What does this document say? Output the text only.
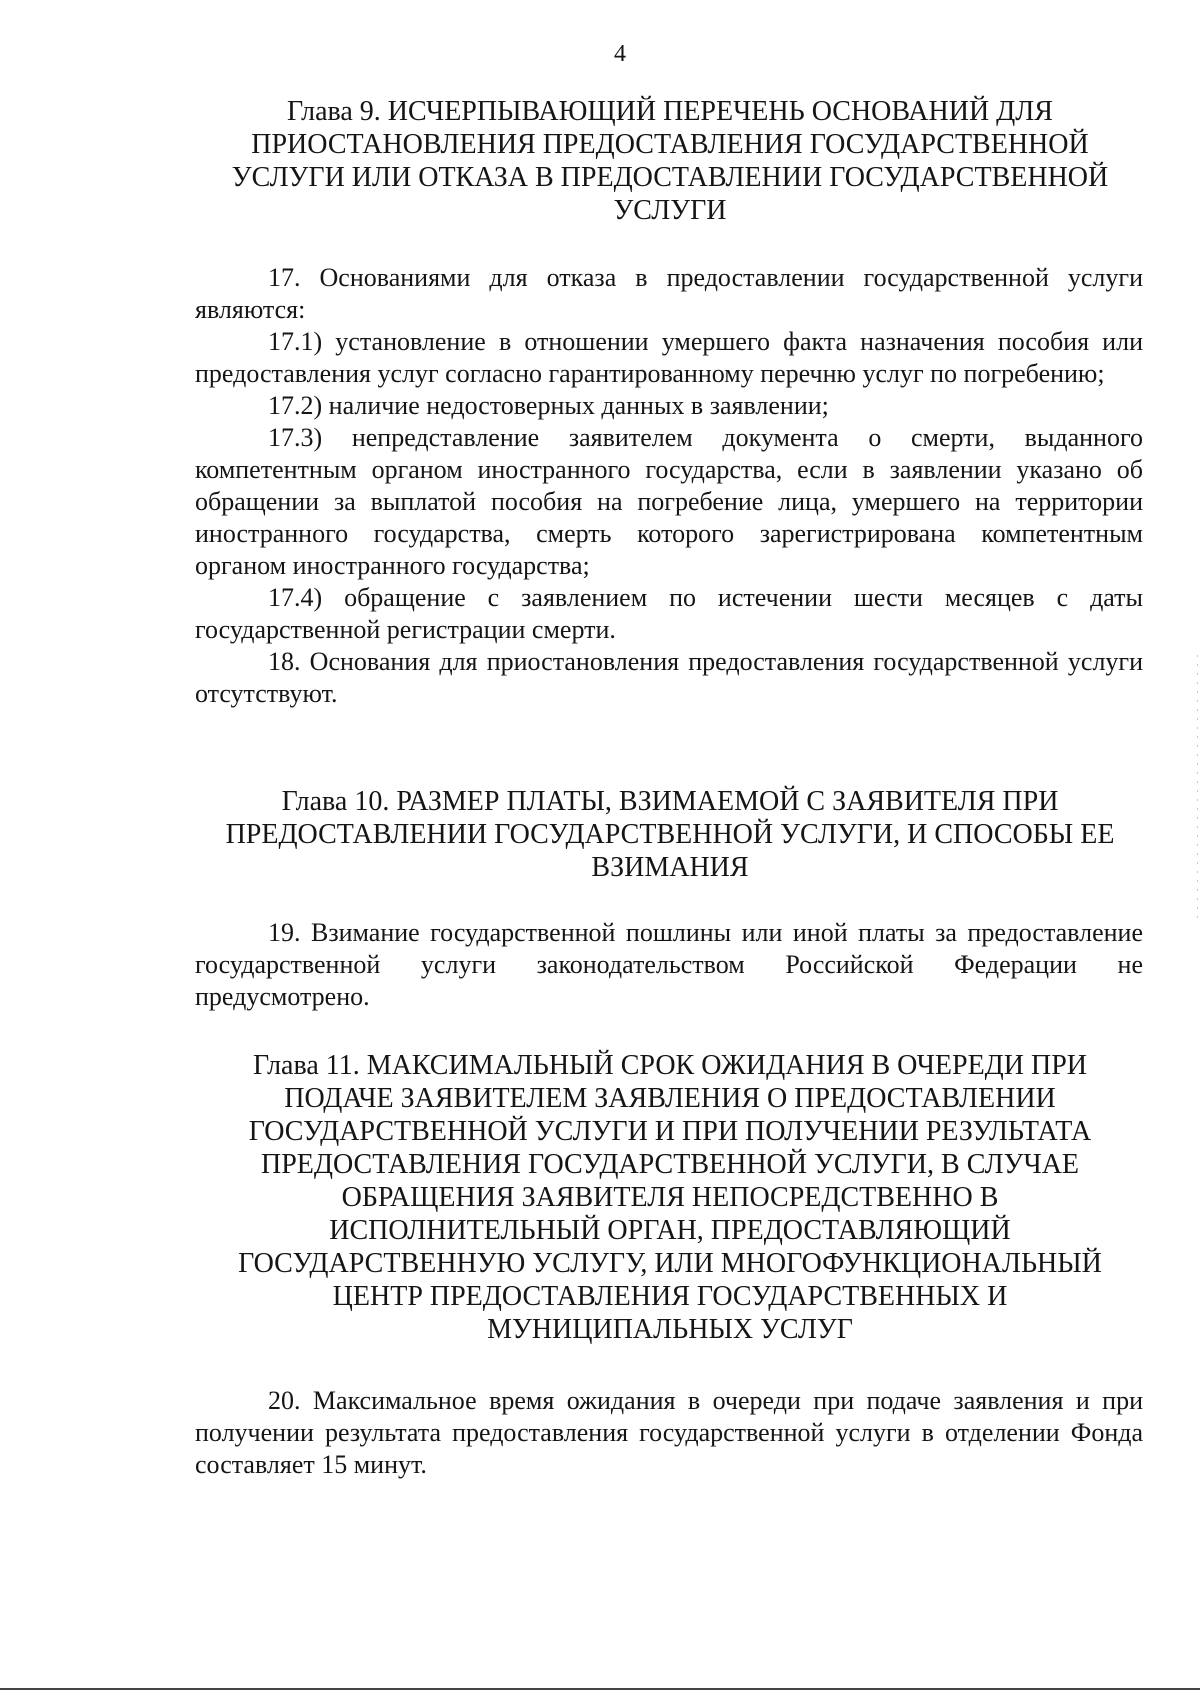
4
Глава 9. ИСЧЕРПЫВАЮЩИЙ ПЕРЕЧЕНЬ ОСНОВАНИЙ ДЛЯ
ПРИОСТАНОВЛЕНИЯ ПРЕДОСТАВЛЕНИЯ ГОСУДАРСТВЕННОЙ
УСЛУГИ ИЛИ ОТКАЗА В ПРЕДОСТАВЛЕНИИ ГОСУДАРСТВЕННОЙ
УСЛУГИ

17. Основаниями для отказа в предоставлении государственной услуги являются:

17.1) установление в отношении умершего факта назначения пособия или предоставления услуг согласно гарантированному перечню услуг по погребению;

17.2) наличие недостоверных данных в заявлении;

17.3) непредставление заявителем документа о смерти, выданного компетентным органом иностранного государства, если в заявлении указано об обращении за выплатой пособия на погребение лица, умершего на территории иностранного государства, смерть которого зарегистрирована компетентным органом иностранного государства;

17.4) обращение с заявлением по истечении шести месяцев с даты государственной регистрации смерти.

18. Основания для приостановления предоставления государственной услуги отсутствуют.

Глава 10. РАЗМЕР ПЛАТЫ, ВЗИМАЕМОЙ С ЗАЯВИТЕЛЯ ПРИ
ПРЕДОСТАВЛЕНИИ ГОСУДАРСТВЕННОЙ УСЛУГИ, И СПОСОБЫ ЕЕ
ВЗИМАНИЯ

19. Взимание государственной пошлины или иной платы за предоставление государственной услуги законодательством Российской Федерации не предусмотрено.

Глава 11. МАКСИМАЛЬНЫЙ СРОК ОЖИДАНИЯ В ОЧЕРЕДИ ПРИ
ПОДАЧЕ ЗАЯВИТЕЛЕМ ЗАЯВЛЕНИЯ О ПРЕДОСТАВЛЕНИИ
ГОСУДАРСТВЕННОЙ УСЛУГИ И ПРИ ПОЛУЧЕНИИ РЕЗУЛЬТАТА
ПРЕДОСТАВЛЕНИЯ ГОСУДАРСТВЕННОЙ УСЛУГИ, В СЛУЧАЕ
ОБРАЩЕНИЯ ЗАЯВИТЕЛЯ НЕПОСРЕДСТВЕННО В
ИСПОЛНИТЕЛЬНЫЙ ОРГАН, ПРЕДОСТАВЛЯЮЩИЙ
ГОСУДАРСТВЕННУЮ УСЛУГУ, ИЛИ МНОГОФУНКЦИОНАЛЬНЫЙ
ЦЕНТР ПРЕДОСТАВЛЕНИЯ ГОСУДАРСТВЕННЫХ И
МУНИЦИПАЛЬНЫХ УСЛУГ

20. Максимальное время ожидания в очереди при подаче заявления и при получении результата предоставления государственной услуги в отделении Фонда составляет 15 минут.
